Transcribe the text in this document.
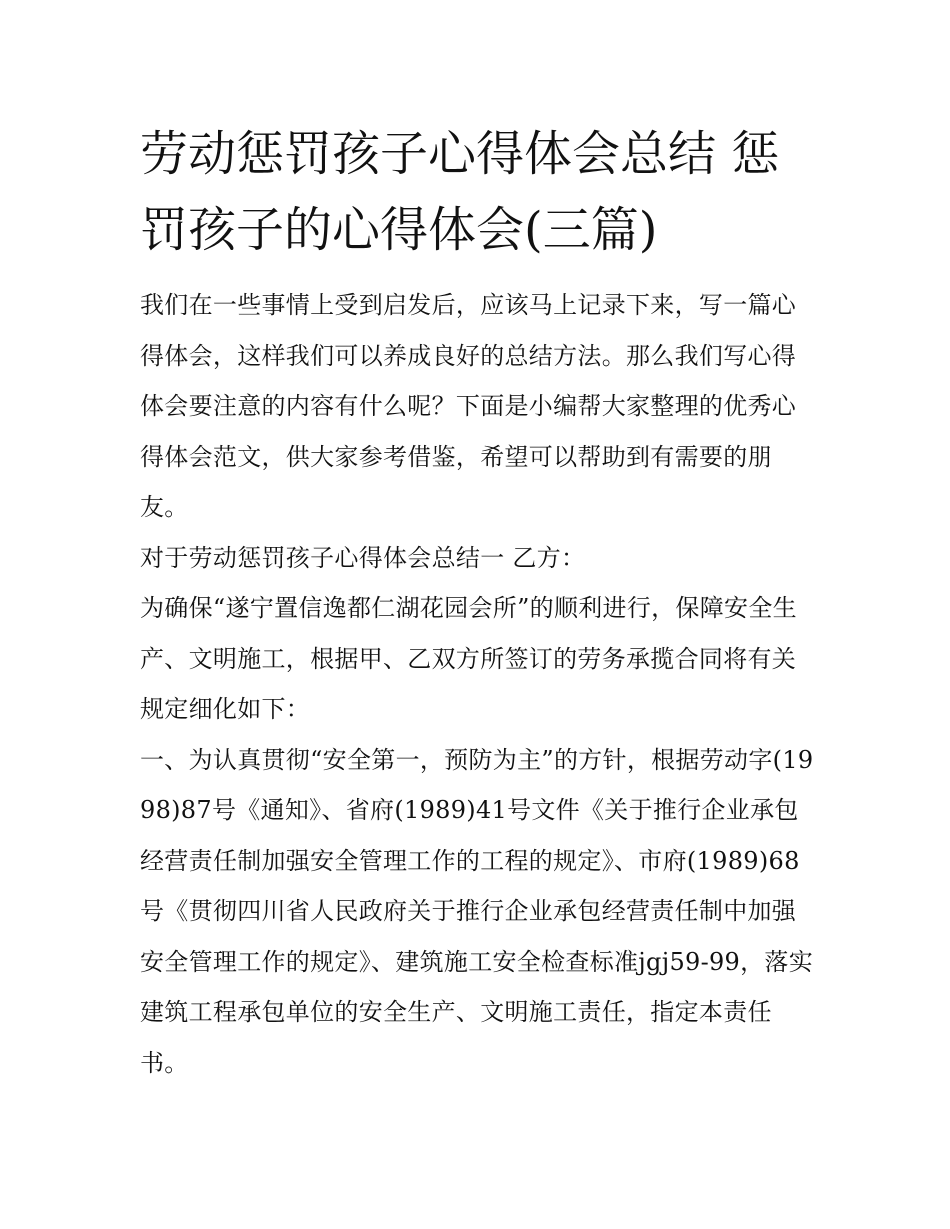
劳动惩罚孩子心得体会总结 惩罚孩子的心得体会(三篇)

我们在一些事情上受到启发后，应该马上记录下来，写一篇心得体会，这样我们可以养成良好的总结方法。那么我们写心得体会要注意的内容有什么呢？下面是小编帮大家整理的优秀心得体会范文，供大家参考借鉴，希望可以帮助到有需要的朋友。

对于劳动惩罚孩子心得体会总结一 乙方：

为确保“遂宁置信逸都仁湖花园会所”的顺利进行，保障安全生产、文明施工，根据甲、乙双方所签订的劳务承揽合同将有关规定细化如下：

一、为认真贯彻“安全第一，预防为主”的方针，根据劳动字(1998)87号《通知》、省府(1989)41号文件《关于推行企业承包经营责任制加强安全管理工作的工程的规定》、市府(1989)68号《贯彻四川省人民政府关于推行企业承包经营责任制中加强安全管理工作的规定》、建筑施工安全检查标准jgj59-99，落实建筑工程承包单位的安全生产、文明施工责任，指定本责任书。
